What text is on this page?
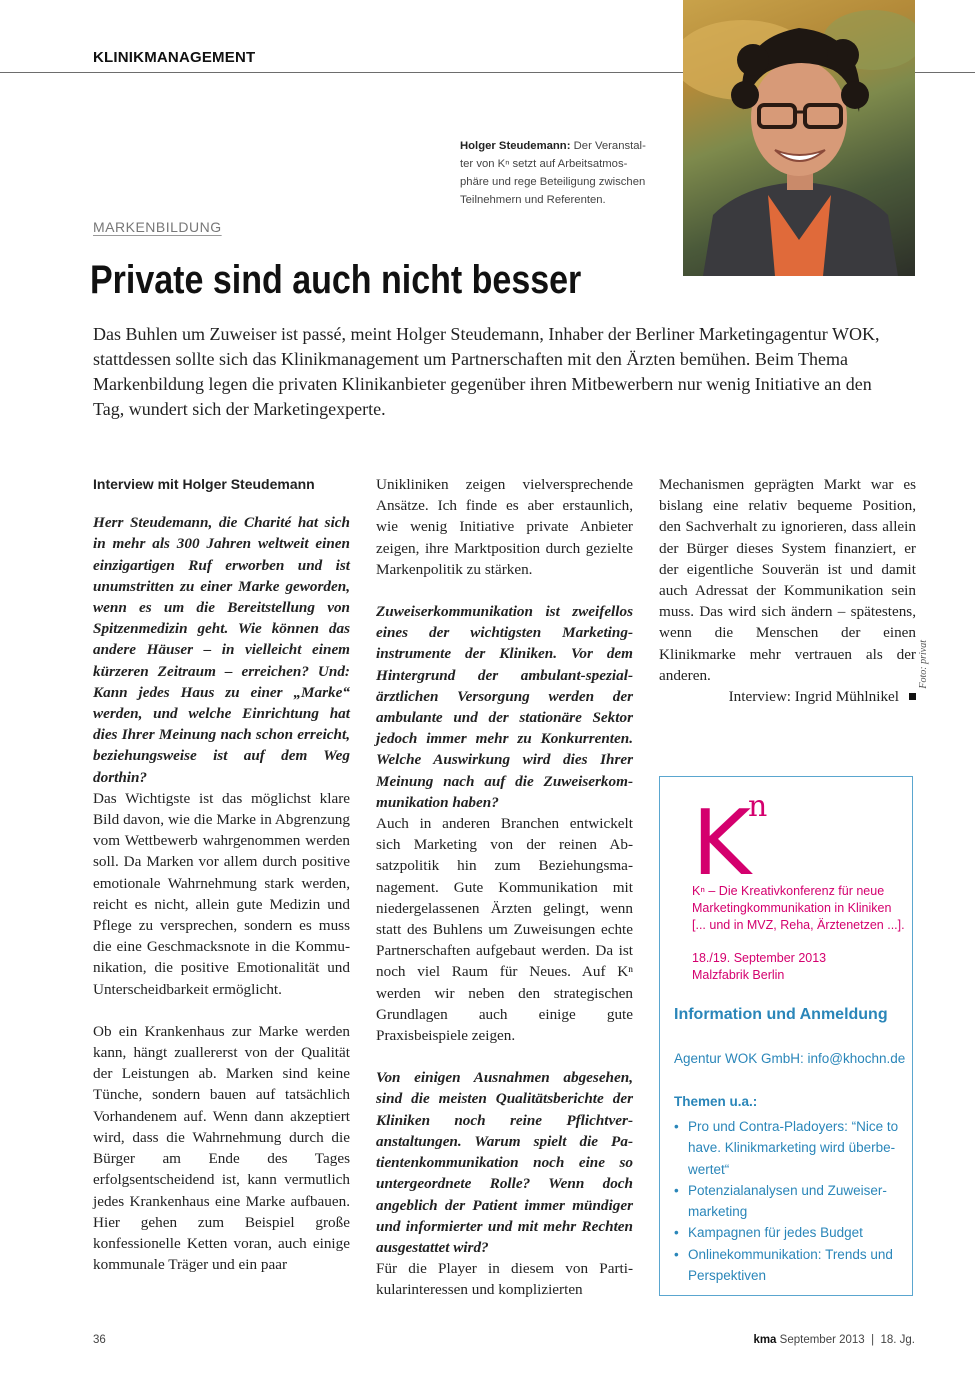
KLINIKMANAGEMENT
Holger Steudemann: Der Veranstal-
ter von Kⁿ setzt auf Arbeitsatmos-
phäre und rege Beteiligung zwischen
Teilnehmern und Referenten.
MARKENBILDUNG
Private sind auch nicht besser
Das Buhlen um Zuweiser ist passé, meint Holger Steudemann, Inhaber der Berliner Marketingagentur WOK, stattdessen sollte sich das Klinikmanagement um Partnerschaften mit den Ärzten bemühen. Beim Thema Markenbildung legen die privaten Klinikanbieter gegenüber ihren Mitbewerbern nur wenig Initiative an den Tag, wundert sich der Marketingexperte.

Interview mit Holger Steudemann

Herr Steudemann, die Charité hat sich in mehr als 300 Jahren weltweit einen einzigartigen Ruf erworben und ist unumstritten zu einer Marke geworden, wenn es um die Bereitstellung von Spitzenmedizin geht. Wie können das andere Häuser – in vielleicht einem kürzeren Zeitraum – erreichen? Und: Kann jedes Haus zu einer „Marke“ werden, und welche Einrichtung hat dies Ihrer Meinung nach schon erreicht, beziehungsweise ist auf dem Weg dorthin?

Das Wichtigste ist das möglichst klare Bild davon, wie die Marke in Abgrenzung vom Wettbewerb wahrgenommen werden soll. Da Marken vor allem durch positive emotionale Wahrnehmung stark werden, reicht es nicht, allein gute Medizin und Pflege zu versprechen, sondern es muss die eine Geschmacksnote in die Kommunikation, die positive Emotionalität und Unterscheidbarkeit ermöglicht.

Ob ein Krankenhaus zur Marke werden kann, hängt zuallererst von der Qualität der Leistungen ab. Marken sind keine Tünche, sondern bauen auf tatsächlich Vorhandenem auf. Wenn dann akzeptiert wird, dass die Wahrnehmung durch die Bürger am Ende des Tages erfolgsentscheidend ist, kann vermutlich jedes Krankenhaus eine Marke aufbauen. Hier gehen zum Beispiel große konfessionelle Ketten voran, auch einige kommunale Träger und ein paar

Unikliniken zeigen vielversprechende Ansätze. Ich finde es aber erstaunlich, wie wenig Initiative private Anbieter zeigen, ihre Marktposition durch gezielte Markenpolitik zu stärken.

Zuweiserkommunikation ist zweifellos eines der wichtigsten Marketinginstrumente der Kliniken. Vor dem Hintergrund der ambulant-spezialärztlichen Versorgung werden der ambulante und der stationäre Sektor jedoch immer mehr zu Konkurrenten. Welche Auswirkung wird dies Ihrer Meinung nach auf die Zuweiserkommunikation haben?

Auch in anderen Branchen entwickelt sich Marketing von der reinen Absatzpolitik hin zum Beziehungsmanagement. Gute Kommunikation mit niedergelassenen Ärzten gelingt, wenn statt des Buhlens um Zuweisungen echte Partnerschaften aufgebaut werden. Da ist noch viel Raum für Neues. Auf Kⁿ werden wir neben den strategischen Grundlagen auch einige gute Praxisbeispiele zeigen.

Von einigen Ausnahmen abgesehen, sind die meisten Qualitätsberichte der Kliniken noch reine Pflichtveranstaltungen. Warum spielt die Patientenkommunikation noch eine so untergeordnete Rolle? Wenn doch angeblich der Patient immer mündiger und informierter und mit mehr Rechten ausgestattet wird?

Für die Player in diesem von Partikularinteressen und komplizierten

Mechanismen geprägten Markt war es bislang eine relativ bequeme Position, den Sachverhalt zu ignorieren, dass allein der Bürger dieses System finanziert, er der eigentliche Souverän ist und damit auch Adressat der Kommunikation sein muss. Das wird sich ändern – spätestens, wenn die Menschen der einen Klinikmarke mehr vertrauen als der anderen.

Interview: Ingrid Mühlnikel

Foto: privat
K
n
Kⁿ – Die Kreativkonferenz für neue Marketingkommunikation in Kliniken [... und in MVZ, Reha, Ärztenetzen ...].
18./19. September 2013
Malzfabrik Berlin
Information und Anmeldung
Agentur WOK GmbH: info@khochn.de
Themen u.a.:
• Pro und Contra-Pladoyers: “Nice to have. Klinikmarketing wird überbewertet“
• Potenzialanalysen und Zuweisermarketing
• Kampagnen für jedes Budget
• Onlinekommunikation: Trends und Perspektiven
36	kma September 2013  |  18. Jg.
